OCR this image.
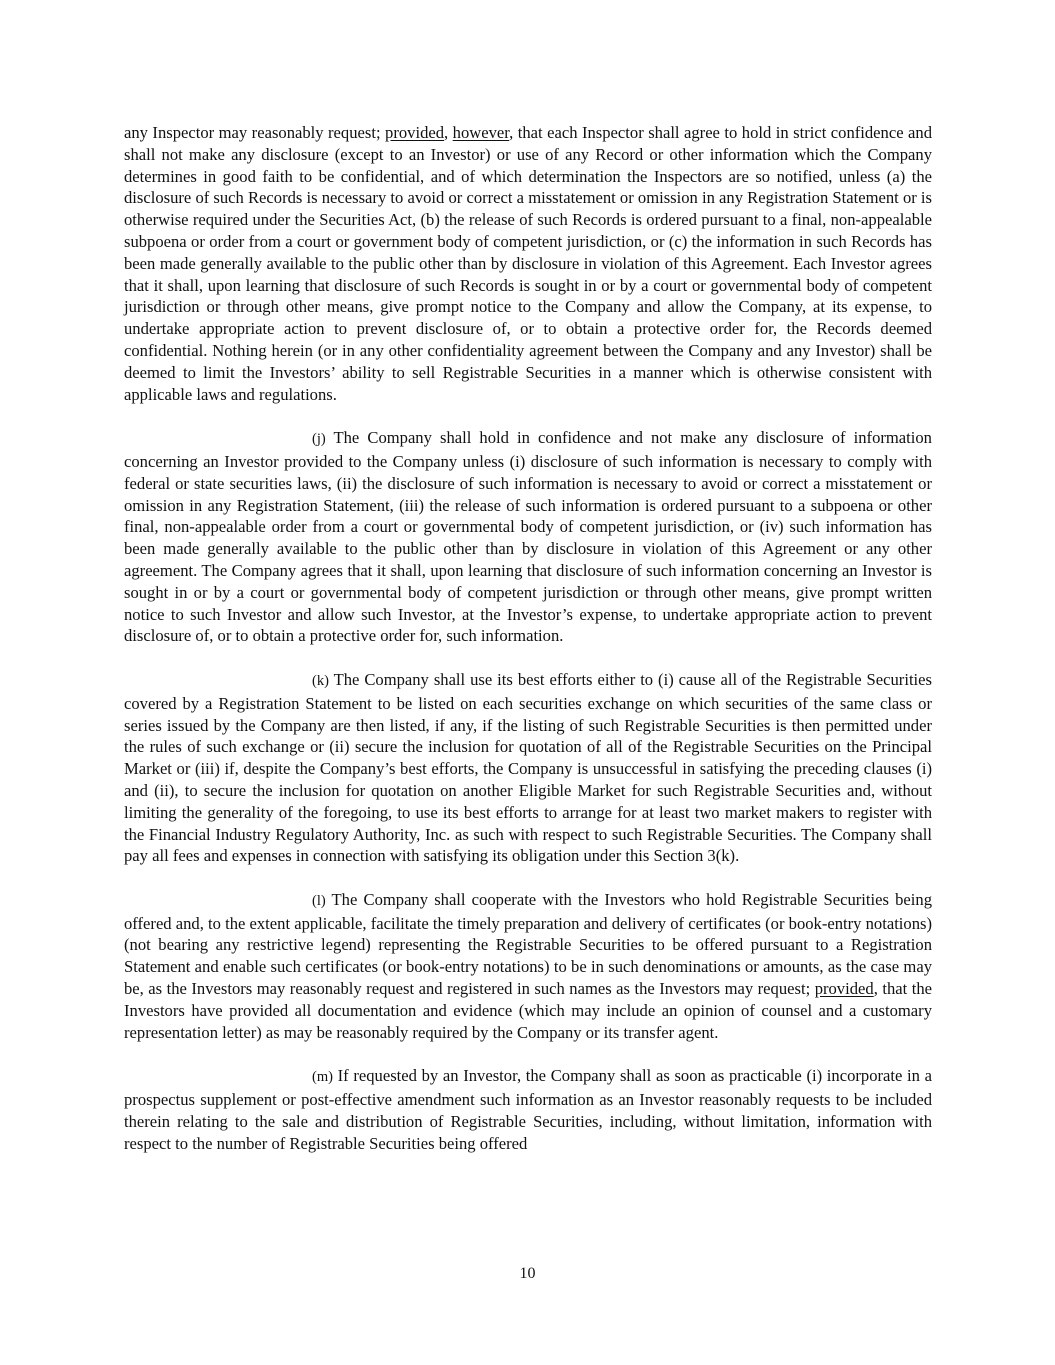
any Inspector may reasonably request; provided, however, that each Inspector shall agree to hold in strict confidence and shall not make any disclosure (except to an Investor) or use of any Record or other information which the Company determines in good faith to be confidential, and of which determination the Inspectors are so notified, unless (a) the disclosure of such Records is necessary to avoid or correct a misstatement or omission in any Registration Statement or is otherwise required under the Securities Act, (b) the release of such Records is ordered pursuant to a final, non-appealable subpoena or order from a court or government body of competent jurisdiction, or (c) the information in such Records has been made generally available to the public other than by disclosure in violation of this Agreement. Each Investor agrees that it shall, upon learning that disclosure of such Records is sought in or by a court or governmental body of competent jurisdiction or through other means, give prompt notice to the Company and allow the Company, at its expense, to undertake appropriate action to prevent disclosure of, or to obtain a protective order for, the Records deemed confidential. Nothing herein (or in any other confidentiality agreement between the Company and any Investor) shall be deemed to limit the Investors’ ability to sell Registrable Securities in a manner which is otherwise consistent with applicable laws and regulations.

(j) The Company shall hold in confidence and not make any disclosure of information concerning an Investor provided to the Company unless (i) disclosure of such information is necessary to comply with federal or state securities laws, (ii) the disclosure of such information is necessary to avoid or correct a misstatement or omission in any Registration Statement, (iii) the release of such information is ordered pursuant to a subpoena or other final, non-appealable order from a court or governmental body of competent jurisdiction, or (iv) such information has been made generally available to the public other than by disclosure in violation of this Agreement or any other agreement. The Company agrees that it shall, upon learning that disclosure of such information concerning an Investor is sought in or by a court or governmental body of competent jurisdiction or through other means, give prompt written notice to such Investor and allow such Investor, at the Investor’s expense, to undertake appropriate action to prevent disclosure of, or to obtain a protective order for, such information.

(k) The Company shall use its best efforts either to (i) cause all of the Registrable Securities covered by a Registration Statement to be listed on each securities exchange on which securities of the same class or series issued by the Company are then listed, if any, if the listing of such Registrable Securities is then permitted under the rules of such exchange or (ii) secure the inclusion for quotation of all of the Registrable Securities on the Principal Market or (iii) if, despite the Company’s best efforts, the Company is unsuccessful in satisfying the preceding clauses (i) and (ii), to secure the inclusion for quotation on another Eligible Market for such Registrable Securities and, without limiting the generality of the foregoing, to use its best efforts to arrange for at least two market makers to register with the Financial Industry Regulatory Authority, Inc. as such with respect to such Registrable Securities. The Company shall pay all fees and expenses in connection with satisfying its obligation under this Section 3(k).

(l) The Company shall cooperate with the Investors who hold Registrable Securities being offered and, to the extent applicable, facilitate the timely preparation and delivery of certificates (or book-entry notations) (not bearing any restrictive legend) representing the Registrable Securities to be offered pursuant to a Registration Statement and enable such certificates (or book-entry notations) to be in such denominations or amounts, as the case may be, as the Investors may reasonably request and registered in such names as the Investors may request; provided, that the Investors have provided all documentation and evidence (which may include an opinion of counsel and a customary representation letter) as may be reasonably required by the Company or its transfer agent.

(m) If requested by an Investor, the Company shall as soon as practicable (i) incorporate in a prospectus supplement or post-effective amendment such information as an Investor reasonably requests to be included therein relating to the sale and distribution of Registrable Securities, including, without limitation, information with respect to the number of Registrable Securities being offered

10
